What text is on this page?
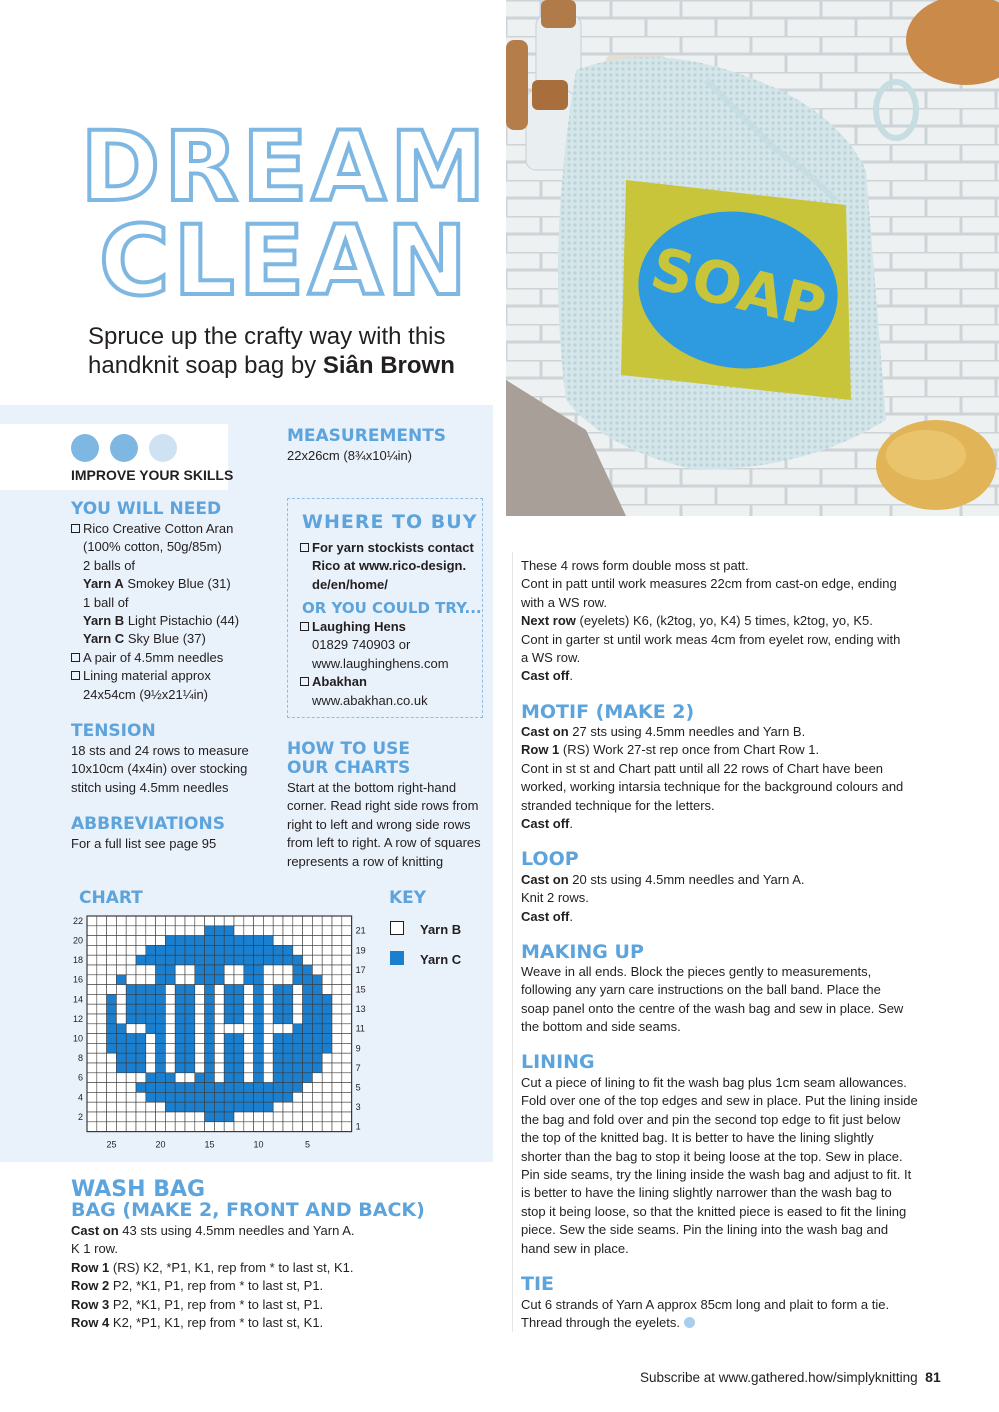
DREAM
CLEAN
Spruce up the crafty way with this handknit soap bag by Siân Brown
SOAP
IMPROVE YOUR SKILLS
YOU WILL NEED
Rico Creative Cotton Aran
(100% cotton, 50g/85m)
2 balls of
Yarn A Smokey Blue (31)
1 ball of
Yarn B Light Pistachio (44)
Yarn C Sky Blue (37)
A pair of 4.5mm needles
Lining material approx
24x54cm (9½x21¼in)
MEASUREMENTS
22x26cm (8¾x10¼in)
WHERE TO BUY
For yarn stockists contact
Rico at www.rico-design.
de/en/home/
OR YOU COULD TRY...
Laughing Hens
01829 740903 or
www.laughinghens.com
Abakhan
www.abakhan.co.uk
TENSION
18 sts and 24 rows to measure
10x10cm (4x4in) over stocking
stitch using 4.5mm needles
HOW TO USE
OUR CHARTS
Start at the bottom right-hand
corner. Read right side rows from
right to left and wrong side rows
from left to right. A row of squares
represents a row of knitting
ABBREVIATIONS
For a full list see page 95
CHART
22
20
18
16
14
12
10
8
6
4
2
21
19
17
15
13
11
9
7
5
3
1
25	20	15	10	5
KEY
Yarn B
Yarn C
WASH BAG
BAG (MAKE 2, FRONT AND BACK)
Cast on 43 sts using 4.5mm needles and Yarn A.
K 1 row.
Row 1 (RS) K2, *P1, K1, rep from * to last st, K1.
Row 2 P2, *K1, P1, rep from * to last st, P1.
Row 3 P2, *K1, P1, rep from * to last st, P1.
Row 4 K2, *P1, K1, rep from * to last st, K1.
These 4 rows form double moss st patt.
Cont in patt until work measures 22cm from cast-on edge, ending
with a WS row.
Next row (eyelets) K6, (k2tog, yo, K4) 5 times, k2tog, yo, K5.
Cont in garter st until work meas 4cm from eyelet row, ending with
a WS row.
Cast off.
MOTIF (MAKE 2)
Cast on 27 sts using 4.5mm needles and Yarn B.
Row 1 (RS) Work 27-st rep once from Chart Row 1.
Cont in st st and Chart patt until all 22 rows of Chart have been
worked, working intarsia technique for the background colours and
stranded technique for the letters.
Cast off.
LOOP
Cast on 20 sts using 4.5mm needles and Yarn A.
Knit 2 rows.
Cast off.
MAKING UP
Weave in all ends. Block the pieces gently to measurements,
following any yarn care instructions on the ball band. Place the
soap panel onto the centre of the wash bag and sew in place. Sew
the bottom and side seams.
LINING
Cut a piece of lining to fit the wash bag plus 1cm seam allowances.
Fold over one of the top edges and sew in place. Put the lining inside
the bag and fold over and pin the second top edge to fit just below
the top of the knitted bag. It is better to have the lining slightly
shorter than the bag to stop it being loose at the top. Sew in place.
Pin side seams, try the lining inside the wash bag and adjust to fit. It
is better to have the lining slightly narrower than the wash bag to
stop it being loose, so that the knitted piece is eased to fit the lining
piece. Sew the side seams. Pin the lining into the wash bag and
hand sew in place.
TIE
Cut 6 strands of Yarn A approx 85cm long and plait to form a tie.
Thread through the eyelets.
Subscribe at www.gathered.how/simplyknitting 81
